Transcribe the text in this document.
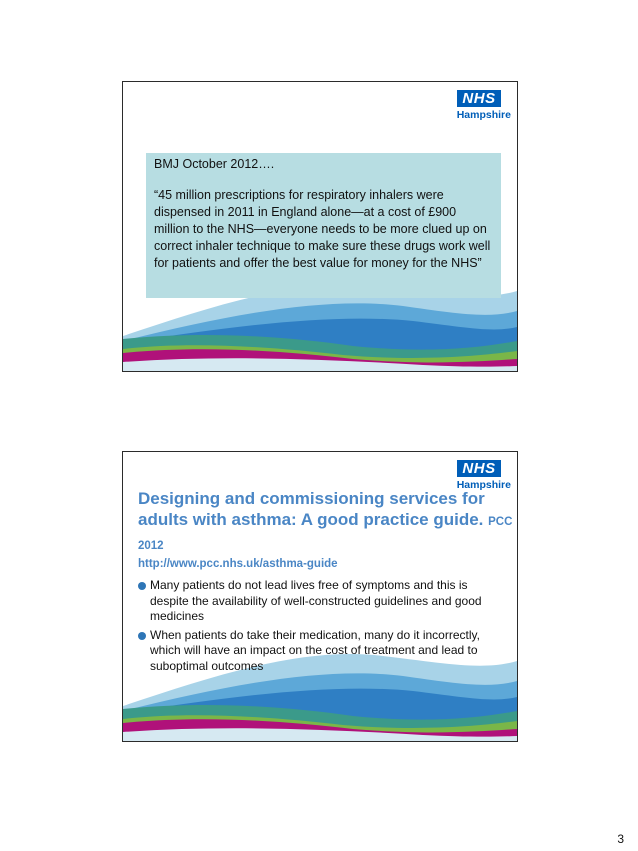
NHS
Hampshire

BMJ October 2012….

“45 million prescriptions for respiratory inhalers were dispensed in 2011 in England alone—at a cost of £900 million to the NHS—everyone needs to be more clued up on correct inhaler technique to make sure these drugs work well for patients and offer the best value for money for the NHS”

NHS
Hampshire
Designing and commissioning services for adults with asthma: A good practice guide. PCC 2012
http://www.pcc.nhs.uk/asthma-guide
Many patients do not lead lives free of symptoms and this is despite the availability of well-constructed guidelines and good medicines
When patients do take their medication, many do it incorrectly, which will have an impact on the cost of treatment and lead to suboptimal outcomes
3
